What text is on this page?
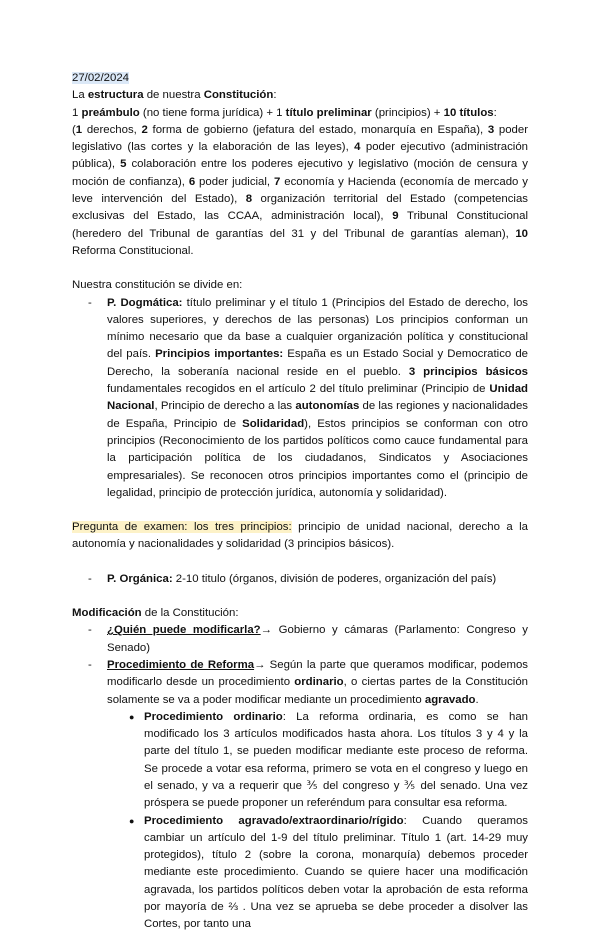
27/02/2024

La estructura de nuestra Constitución:

1 preámbulo (no tiene forma jurídica) + 1 título preliminar (principios) + 10 títulos:

(1 derechos, 2 forma de gobierno (jefatura del estado, monarquía en España), 3 poder legislativo (las cortes y la elaboración de las leyes), 4 poder ejecutivo (administración pública), 5 colaboración entre los poderes ejecutivo y legislativo (moción de censura y moción de confianza), 6 poder judicial, 7 economía y Hacienda (economía de mercado y leve intervención del Estado), 8 organización territorial del Estado (competencias exclusivas del Estado, las CCAA, administración local), 9 Tribunal Constitucional (heredero del Tribunal de garantías del 31 y del Tribunal de garantías aleman), 10 Reforma Constitucional.

Nuestra constitución se divide en:

- P. Dogmática: título preliminar y el título 1 (Principios del Estado de derecho, los valores superiores, y derechos de las personas) Los principios conforman un mínimo necesario que da base a cualquier organización política y constitucional del país. Principios importantes: España es un Estado Social y Democratico de Derecho, la soberanía nacional reside en el pueblo. 3 principios básicos fundamentales recogidos en el artículo 2 del título preliminar (Principio de Unidad Nacional, Principio de derecho a las autonomías de las regiones y nacionalidades de España, Principio de Solidaridad), Estos principios se conforman con otro principios (Reconocimiento de los partidos políticos como cauce fundamental para la participación política de los ciudadanos, Sindicatos y Asociaciones empresariales). Se reconocen otros principios importantes como el (principio de legalidad, principio de protección jurídica, autonomía y solidaridad).

Pregunta de examen: los tres principios: principio de unidad nacional, derecho a la autonomía y nacionalidades y solidaridad (3 principios básicos).

- P. Orgánica: 2-10 titulo (órganos, división de poderes, organización del país)

Modificación de la Constitución:

- ¿Quién puede modificarla?→ Gobierno y cámaras (Parlamento: Congreso y Senado)
- Procedimiento de Reforma→ Según la parte que queramos modificar, podemos modificarlo desde un procedimiento ordinario, o ciertas partes de la Constitución solamente se va a poder modificar mediante un procedimiento agravado.
● Procedimiento ordinario: La reforma ordinaria, es como se han modificado los 3 artículos modificados hasta ahora. Los títulos 3 y 4 y la parte del título 1, se pueden modificar mediante este proceso de reforma. Se procede a votar esa reforma, primero se vota en el congreso y luego en el senado, y va a requerir que ⅗ del congreso y ⅗ del senado. Una vez próspera se puede proponer un referéndum para consultar esa reforma.
● Procedimiento agravado/extraordinario/rígido: Cuando queramos cambiar un artículo del 1-9 del título preliminar. Título 1 (art. 14-29 muy protegidos), título 2 (sobre la corona, monarquía) debemos proceder mediante este procedimiento. Cuando se quiere hacer una modificación agravada, los partidos políticos deben votar la aprobación de esta reforma por mayoría de ⅔ . Una vez se aprueba se debe proceder a disolver las Cortes, por tanto una
